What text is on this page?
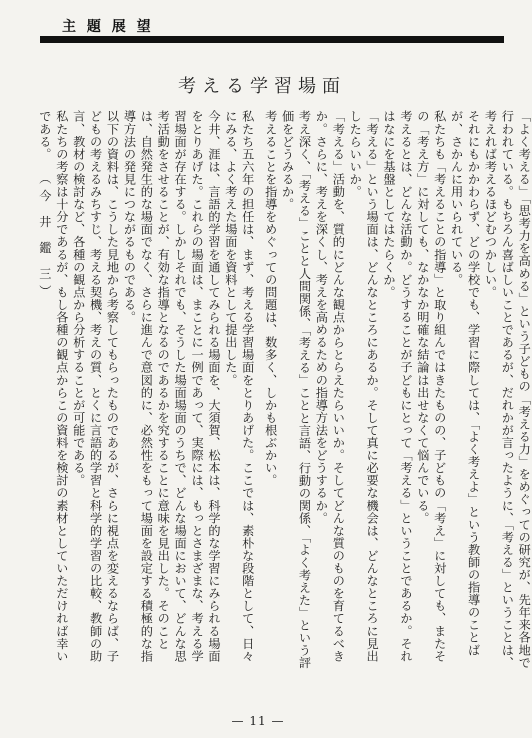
主 題 展 望
考える学習場面

「よく考える」「思考力を高める」という子どもの「考える力」をめぐっての研究が、先年来各地で行われている。もちろん喜ばしいことであるが、だれかが言ったように、「考える」ということは、考えれば考えるほどむつかしい。

それにもかかわらず、どの学校でも、学習に際しては、「よく考えよ」という教師の指導のことばが、さかんに用いられている。

私たちも「考えることの指導」と取り組んではきたものの、子どもの「考え」に対しても、またその「考え方」に対しても、なかなか明確な結論は出せなくて悩んでいる。

考えるとは、どんな活動か。どうすることが子どもにとって「考える」ということであるか。それはなにを基盤としてはたらくか。

「考える」という場面は、どんなところにあるか。そして真に必要な機会は、どんなところに見出したらいいか。

「考える」活動を、質的にどんな観点からとらえたらいいか。そしてどんな質のものを育てるべきか。さらに、考えを深くし、考えを高めるための指導方法をどうするか。

考え深く、「考える」ことと人間関係、「考える」ことと言語、行動の関係、「よく考えた」という評価をどうみるか。

考えることを指導をめぐっての問題は、数多く、しかも根ぶかい。

私たち五六年の担任は、まず、考える学習場面をとりあげた。ここでは、素朴な段階として、日々にみる、よく考えた場面を資料として提出した。

今井、涯は、言語的学習を通してみられる場面を、大須賀、松本は、科学的な学習にみられる場面をとりあげた。これらの場面は、まことに一例であって、実際には、もっとさまざまな、考える学習場面が存在する。しかしそれでも、そうした場面場面のうちで、どんな場面において、どんな思考活動をさせることが、有効な指導となるのであるかを究することに意味を見出した。そのことは、自然発生的な場面でなく、さらに進んで意図的に、必然性をもって場面を設定する積極的な指導方法の発見につながるものである。

以下の資料は、こうした見地から考察してもらったものであるが、さらに視点を変えるならば、子どもの考えるみちすじ、考える契機、考えの質、とくに言語的学習と科学的学習の比較、教師の助言、教材の検討など、各種の観点から分析することが可能である。

私たちの考察は十分であるが、もし各種の観点からこの資料を検討の素材としていただければ幸いである。（今 井 鑑 三）

— 11 —
